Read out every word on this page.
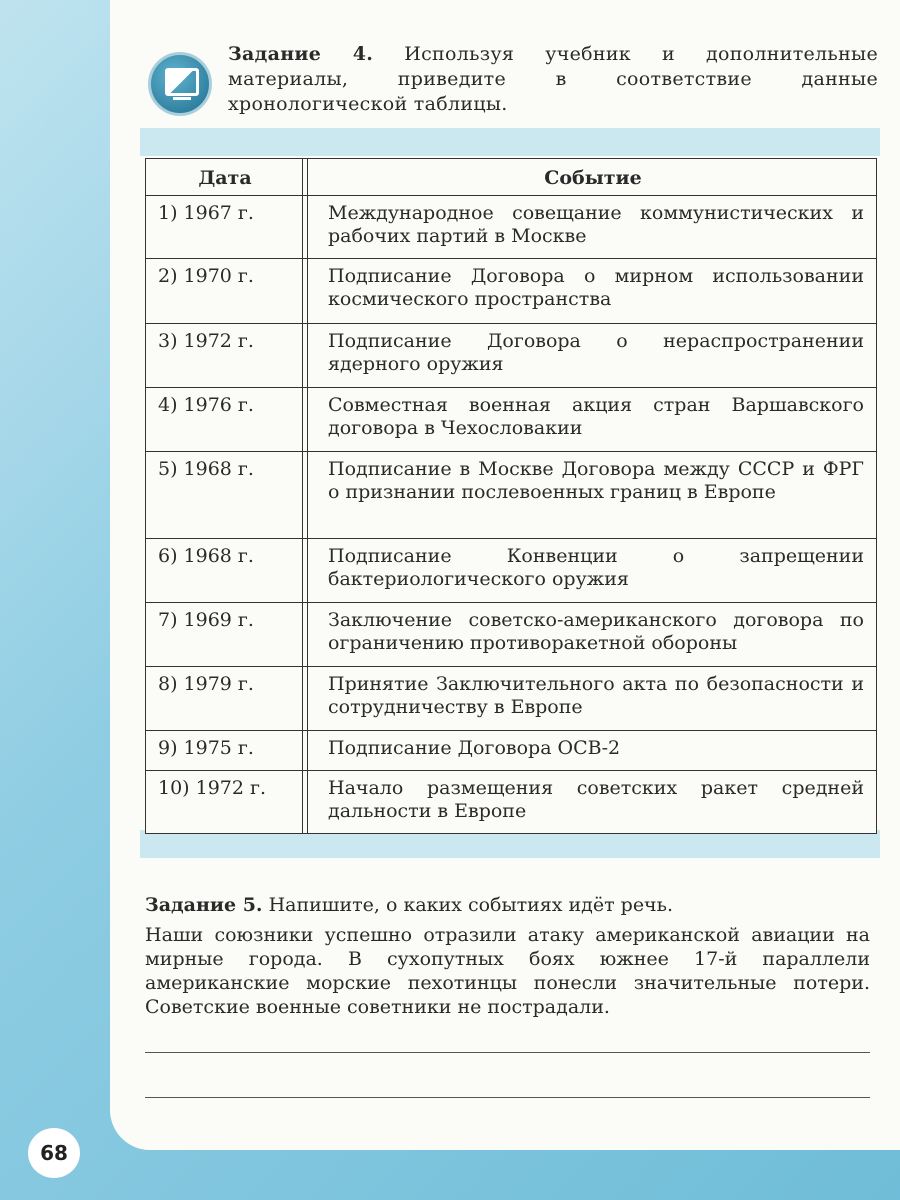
Задание 4. Используя учебник и дополнительные материалы, приведите в соответствие данные хронологической таблицы.
Дата		Событие
1) 1967 г.		Международное совещание коммунистических и рабочих партий в Москве
2) 1970 г.		Подписание Договора о мирном использовании космического пространства
3) 1972 г.		Подписание Договора о нераспространении ядерного оружия
4) 1976 г.		Совместная военная акция стран Варшавского договора в Чехословакии
5) 1968 г.		Подписание в Москве Договора между СССР и ФРГ о признании послевоенных границ в Европе
6) 1968 г.		Подписание Конвенции о запрещении бактериологического оружия
7) 1969 г.		Заключение советско-американского договора по ограничению противоракетной обороны
8) 1979 г.		Принятие Заключительного акта по безопасности и сотрудничеству в Европе
9) 1975 г.		Подписание Договора ОСВ-2
10) 1972 г.		Начало размещения советских ракет средней дальности в Европе

Задание 5. Напишите, о каких событиях идёт речь.

Наши союзники успешно отразили атаку американской авиации на мирные города. В сухопутных боях южнее 17-й параллели американские морские пехотинцы понесли значительные потери. Советские военные советники не пострадали.

68
